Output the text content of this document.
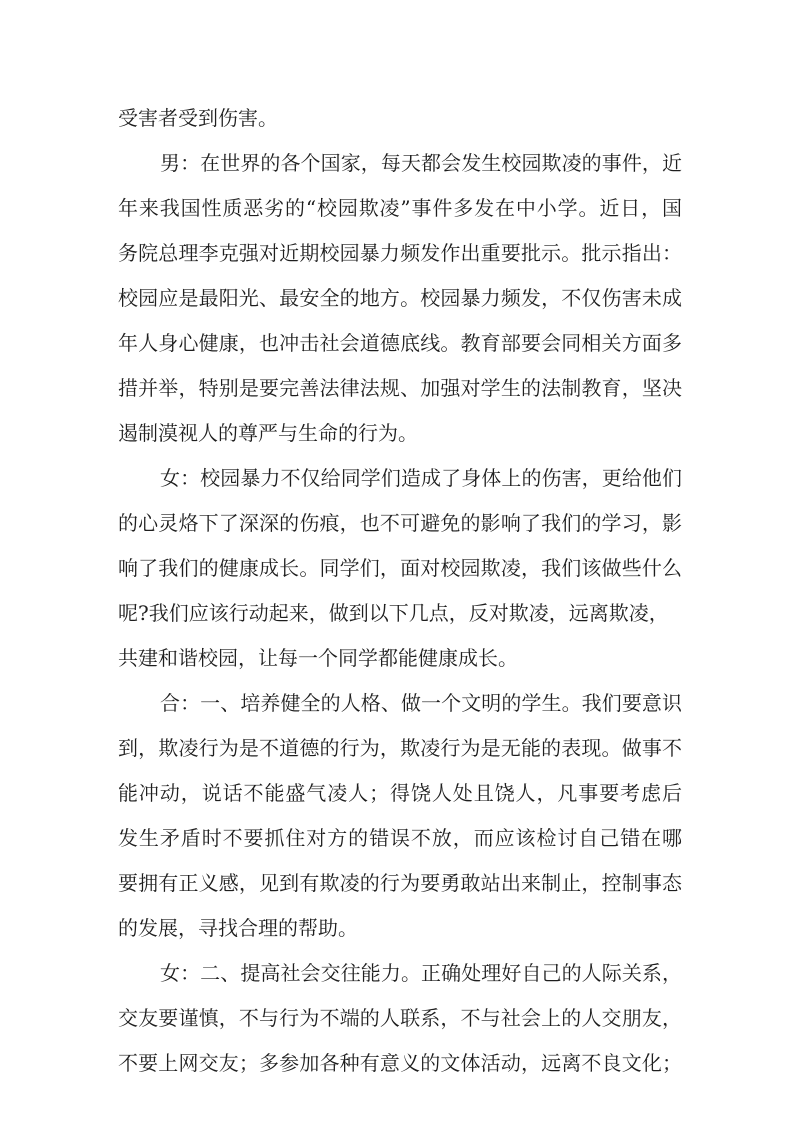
受害者受到伤害。
男：在世界的各个国家，每天都会发生校园欺凌的事件，近
年来我国性质恶劣的“校园欺凌”事件多发在中小学。近日，国
务院总理李克强对近期校园暴力频发作出重要批示。批示指出：
校园应是最阳光、最安全的地方。校园暴力频发，不仅伤害未成
年人身心健康，也冲击社会道德底线。教育部要会同相关方面多
措并举，特别是要完善法律法规、加强对学生的法制教育，坚决
遏制漠视人的尊严与生命的行为。
女：校园暴力不仅给同学们造成了身体上的伤害，更给他们
的心灵烙下了深深的伤痕，也不可避免的影响了我们的学习，影
响了我们的健康成长。同学们，面对校园欺凌，我们该做些什么
呢?我们应该行动起来，做到以下几点，反对欺凌，远离欺凌，
共建和谐校园，让每一个同学都能健康成长。
合：一、培养健全的人格、做一个文明的学生。我们要意识
到，欺凌行为是不道德的行为，欺凌行为是无能的表现。做事不
能冲动，说话不能盛气凌人；得饶人处且饶人，凡事要考虑后
发生矛盾时不要抓住对方的错误不放，而应该检讨自己错在哪
要拥有正义感，见到有欺凌的行为要勇敢站出来制止，控制事态
的发展，寻找合理的帮助。
女：二、提高社会交往能力。正确处理好自己的人际关系，
交友要谨慎，不与行为不端的人联系，不与社会上的人交朋友，
不要上网交友；多参加各种有意义的文体活动，远离不良文化；
